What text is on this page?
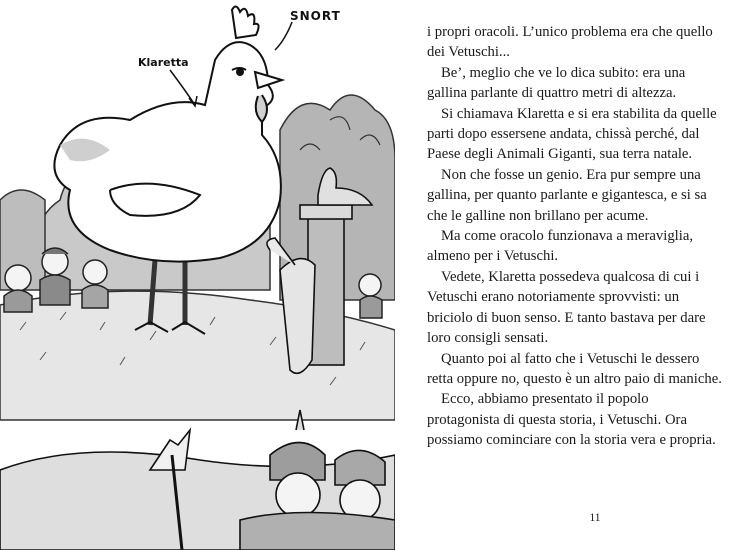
SNORT
Klaretta

i propri oracoli. L’unico problema era che quello dei Vetuschi...

Be’, meglio che ve lo dica subito: era una gallina parlante di quattro metri di altezza.

Si chiamava Klaretta e si era stabilita da quelle parti dopo essersene andata, chissà perché, dal Paese degli Animali Giganti, sua terra natale.

Non che fosse un genio. Era pur sempre una gallina, per quanto parlante e gigantesca, e si sa che le galline non brillano per acume.

Ma come oracolo funzionava a meraviglia, almeno per i Vetuschi.

Vedete, Klaretta possedeva qualcosa di cui i Vetuschi erano notoriamente sprovvisti: un briciolo di buon senso. E tanto bastava per dare loro consigli sensati.

Quanto poi al fatto che i Vetuschi le dessero retta oppure no, questo è un altro paio di maniche.

Ecco, abbiamo presentato il popolo protagonista di questa storia, i Vetuschi. Ora possiamo cominciare con la storia vera e propria.

11
